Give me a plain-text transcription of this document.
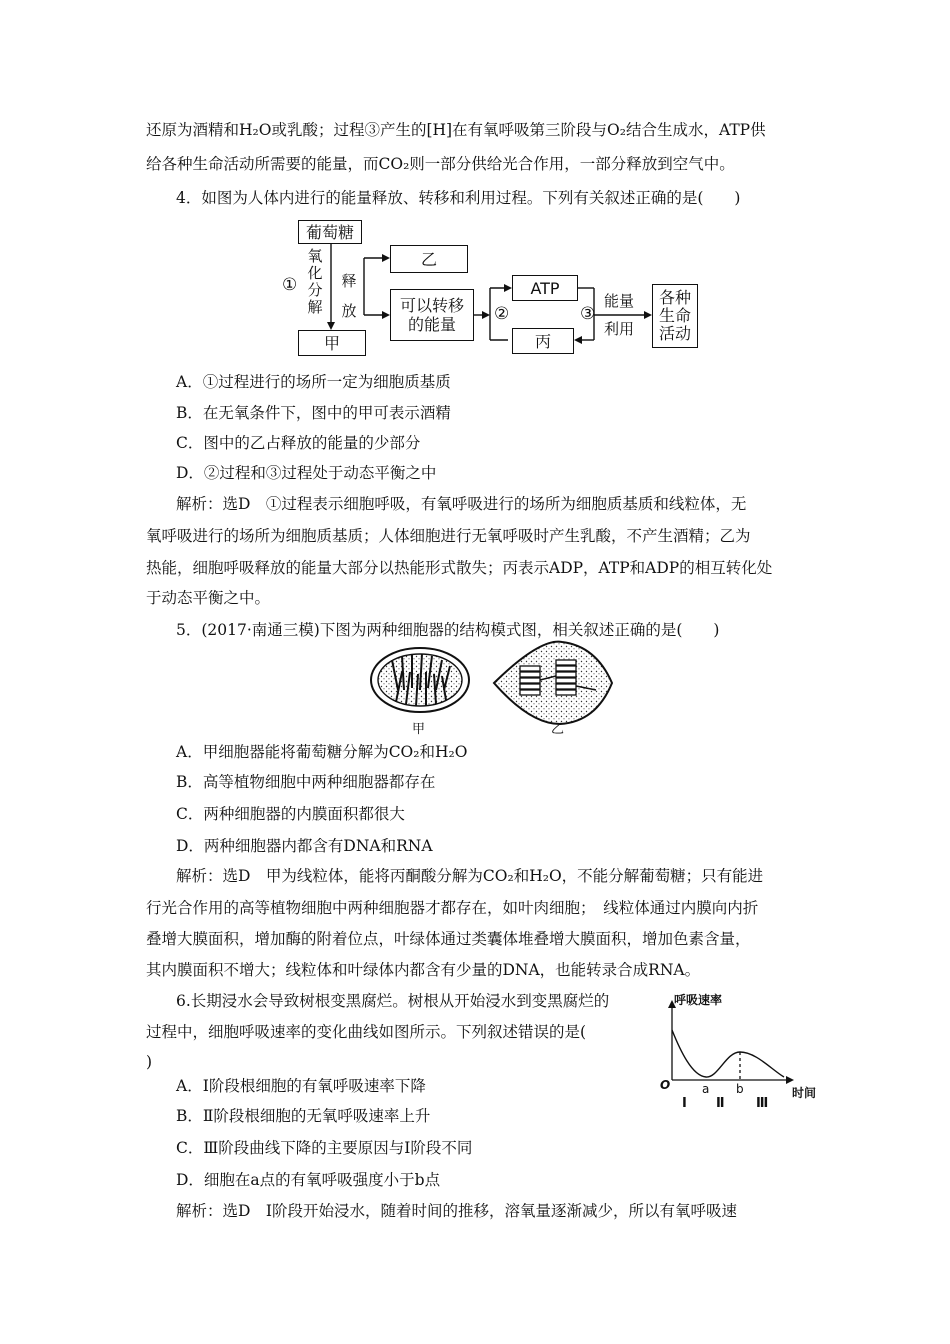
还原为酒精和H₂O或乳酸；过程③产生的[H]在有氧呼吸第三阶段与O₂结合生成水，ATP供
给各种生命活动所需要的能量，而CO₂则一部分供给光合作用，一部分释放到空气中。
4．如图为人体内进行的能量释放、转移和利用过程。下列有关叙述正确的是(　　)
葡萄糖
①
氧化分解
释放
乙
可以转移
的能量
甲
②
ATP
丙
③
能量
利用
各种
生命
活动
A．①过程进行的场所一定为细胞质基质
B．在无氧条件下，图中的甲可表示酒精
C．图中的乙占释放的能量的少部分
D．②过程和③过程处于动态平衡之中
解析：选D　①过程表示细胞呼吸，有氧呼吸进行的场所为细胞质基质和线粒体，无
氧呼吸进行的场所为细胞质基质；人体细胞进行无氧呼吸时产生乳酸，不产生酒精；乙为
热能，细胞呼吸释放的能量大部分以热能形式散失；丙表示ADP，ATP和ADP的相互转化处
于动态平衡之中。
5．(2017·南通三模)下图为两种细胞器的结构模式图，相关叙述正确的是(　　)
甲	乙
A．甲细胞器能将葡萄糖分解为CO₂和H₂O
B．高等植物细胞中两种细胞器都存在
C．两种细胞器的内膜面积都很大
D．两种细胞器内都含有DNA和RNA
解析：选D　甲为线粒体，能将丙酮酸分解为CO₂和H₂O，不能分解葡萄糖；只有能进
行光合作用的高等植物细胞中两种细胞器才都存在，如叶肉细胞；　线粒体通过内膜向内折
叠增大膜面积，增加酶的附着位点，叶绿体通过类囊体堆叠增大膜面积，增加色素含量，
其内膜面积不增大；线粒体和叶绿体内都含有少量的DNA，也能转录合成RNA。
6.长期浸水会导致树根变黑腐烂。树根从开始浸水到变黑腐烂的
过程中，细胞呼吸速率的变化曲线如图所示。下列叙述错误的是(
)
呼吸速率
时间
O	a b
Ⅰ Ⅱ Ⅲ
A．Ⅰ阶段根细胞的有氧呼吸速率下降
B．Ⅱ阶段根细胞的无氧呼吸速率上升
C．Ⅲ阶段曲线下降的主要原因与Ⅰ阶段不同
D．细胞在a点的有氧呼吸强度小于b点
解析：选D　Ⅰ阶段开始浸水，随着时间的推移，溶氧量逐渐减少，所以有氧呼吸速
